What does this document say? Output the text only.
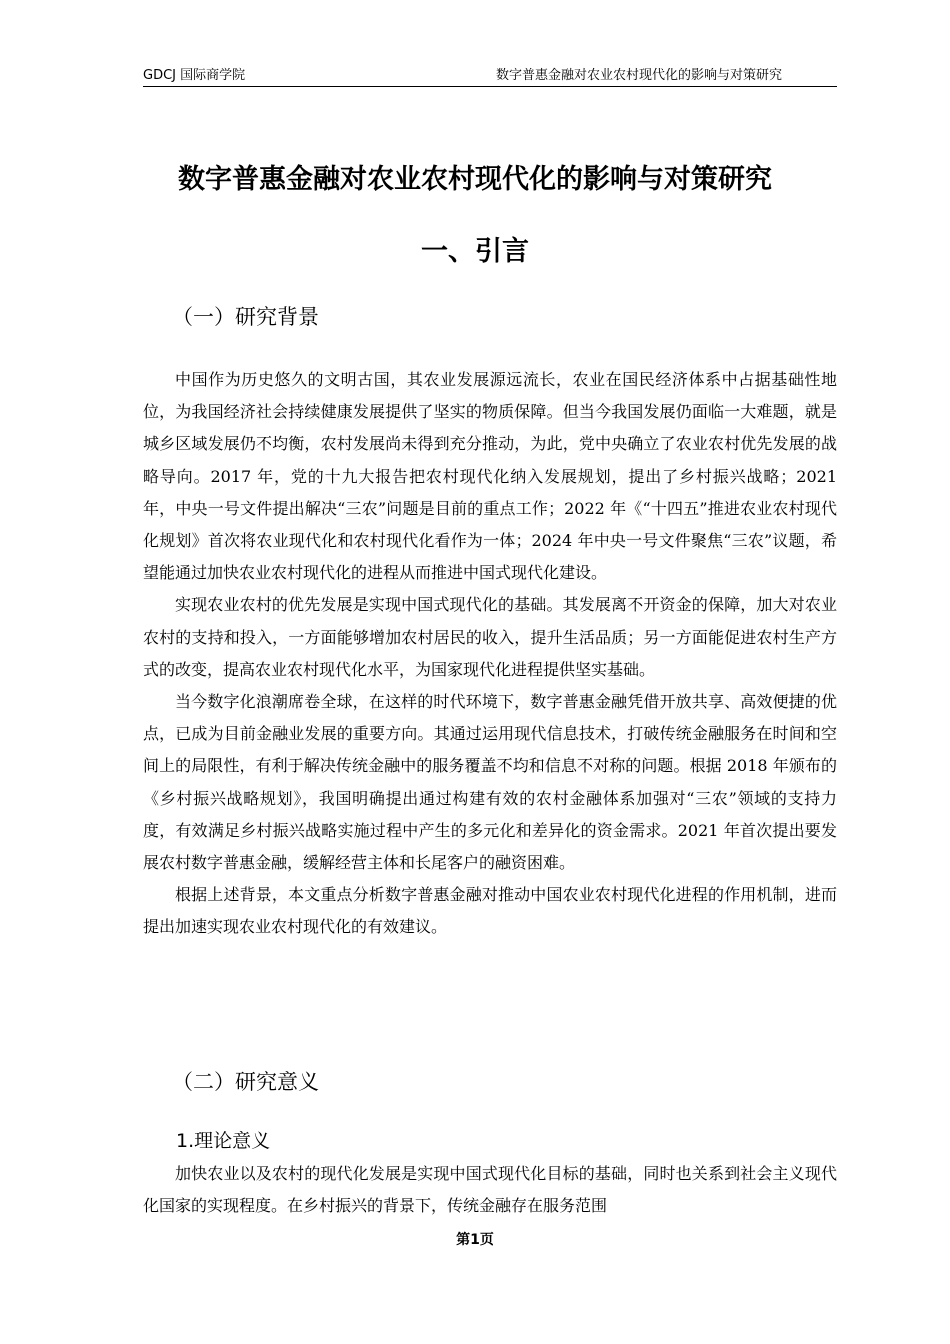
GDCJ 国际商学院	数字普惠金融对农业农村现代化的影响与对策研究
数字普惠金融对农业农村现代化的影响与对策研究
一、引言
（一）研究背景

中国作为历史悠久的文明古国，其农业发展源远流长，农业在国民经济体系中占据基础性地位，为我国经济社会持续健康发展提供了坚实的物质保障。但当今我国发展仍面临一大难题，就是城乡区域发展仍不均衡，农村发展尚未得到充分推动，为此，党中央确立了农业农村优先发展的战略导向。2017 年，党的十九大报告把农村现代化纳入发展规划，提出了乡村振兴战略；2021 年，中央一号文件提出解决“三农”问题是目前的重点工作；2022 年《“十四五”推进农业农村现代化规划》首次将农业现代化和农村现代化看作为一体；2024 年中央一号文件聚焦“三农”议题，希望能通过加快农业农村现代化的进程从而推进中国式现代化建设。

实现农业农村的优先发展是实现中国式现代化的基础。其发展离不开资金的保障，加大对农业农村的支持和投入，一方面能够增加农村居民的收入，提升生活品质；另一方面能促进农村生产方式的改变，提高农业农村现代化水平，为国家现代化进程提供坚实基础。

当今数字化浪潮席卷全球，在这样的时代环境下，数字普惠金融凭借开放共享、高效便捷的优点，已成为目前金融业发展的重要方向。其通过运用现代信息技术，打破传统金融服务在时间和空间上的局限性，有利于解决传统金融中的服务覆盖不均和信息不对称的问题。根据 2018 年颁布的《乡村振兴战略规划》，我国明确提出通过构建有效的农村金融体系加强对“三农”领域的支持力度，有效满足乡村振兴战略实施过程中产生的多元化和差异化的资金需求。2021 年首次提出要发展农村数字普惠金融，缓解经营主体和长尾客户的融资困难。

根据上述背景，本文重点分析数字普惠金融对推动中国农业农村现代化进程的作用机制，进而提出加速实现农业农村现代化的有效建议。

（二）研究意义
1.理论意义

加快农业以及农村的现代化发展是实现中国式现代化目标的基础，同时也关系到社会主义现代化国家的实现程度。在乡村振兴的背景下，传统金融存在服务范围

第1页
